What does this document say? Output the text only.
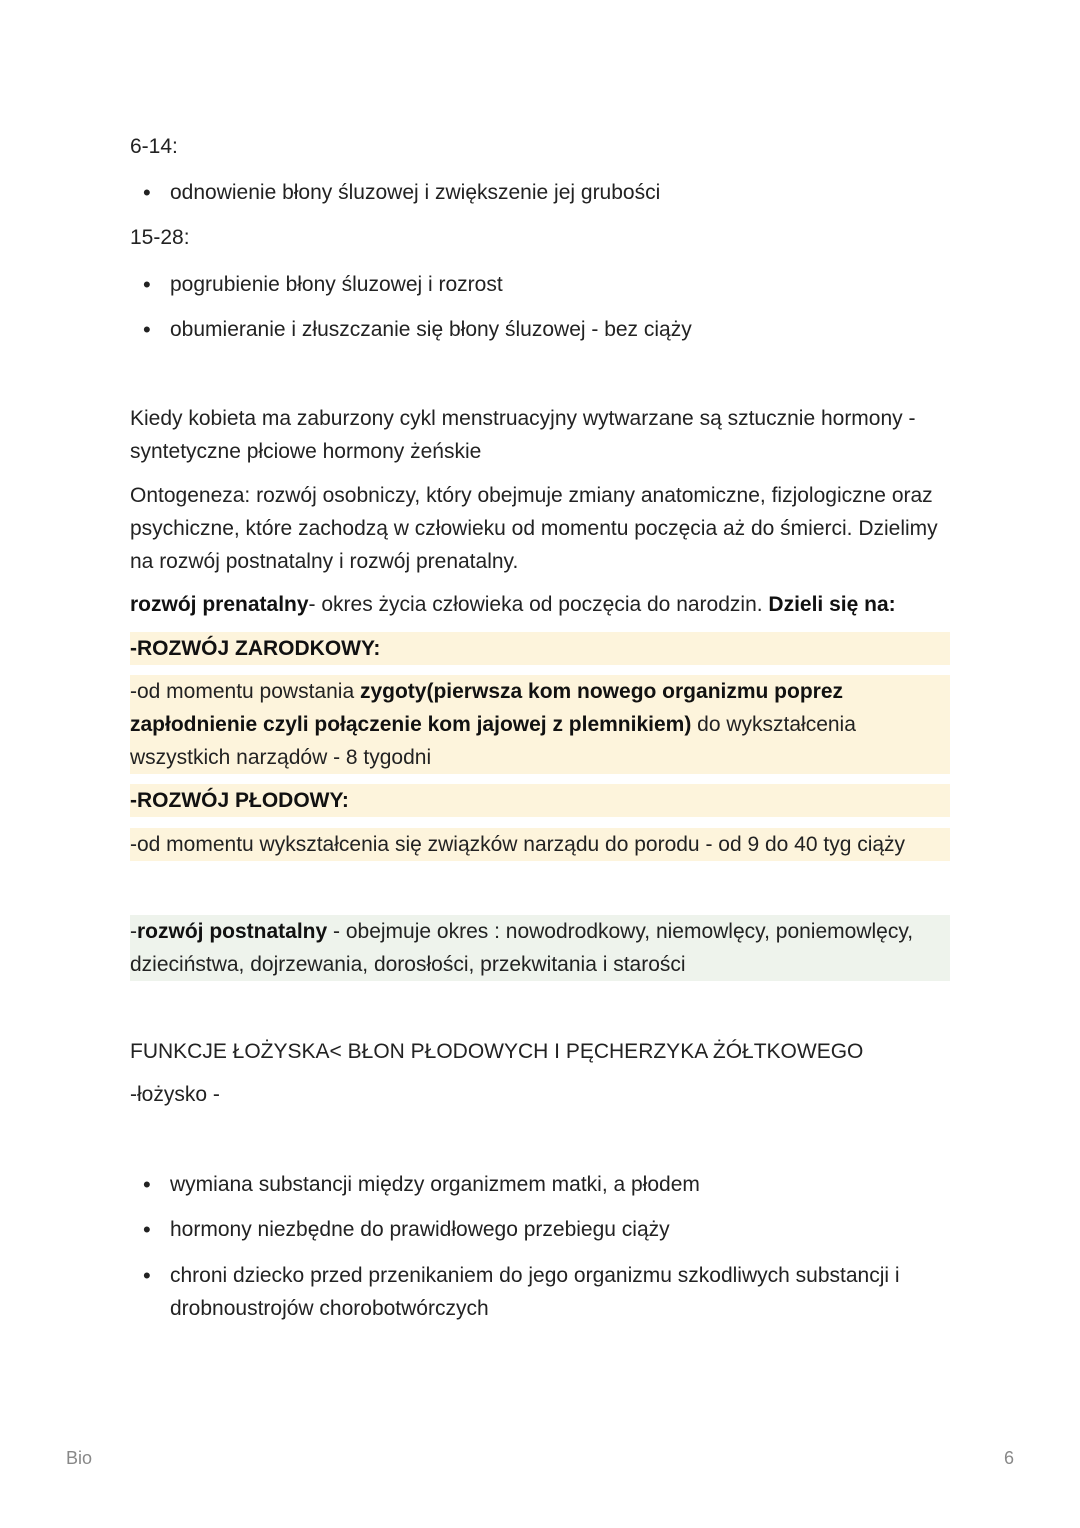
6-14:
• odnowienie błony śluzowej i zwiększenie jej grubości
15-28:
• pogrubienie błony śluzowej i rozrost
• obumieranie i złuszczanie się błony śluzowej - bez ciąży
Kiedy kobieta ma zaburzony cykl menstruacyjny wytwarzane są sztucznie hormony - syntetyczne płciowe hormony żeńskie
Ontogeneza: rozwój osobniczy, który obejmuje zmiany anatomiczne, fizjologiczne oraz psychiczne, które zachodzą w człowieku od momentu poczęcia aż do śmierci. Dzielimy na rozwój postnatalny i rozwój prenatalny.
rozwój prenatalny- okres życia człowieka od poczęcia do narodzin. Dzieli się na:
-ROZWÓJ ZARODKOWY:
-od momentu powstania zygoty(pierwsza kom nowego organizmu poprez zapłodnienie czyli połączenie kom jajowej z plemnikiem) do wykształcenia wszystkich narządów - 8 tygodni
-ROZWÓJ PŁODOWY:
-od momentu wykształcenia się związków narządu do porodu - od 9 do 40 tyg ciąży
-rozwój postnatalny - obejmuje okres : nowodrodkowy, niemowlęcy, poniemowlęcy, dzieciństwa, dojrzewania, dorosłości, przekwitania i starości
FUNKCJE ŁOŻYSKA< BŁON PŁODOWYCH I PĘCHERZYKA ŻÓŁTKOWEGO
-łożysko -
• wymiana substancji między organizmem matki, a płodem
• hormony niezbędne do prawidłowego przebiegu ciąży
• chroni dziecko przed przenikaniem do jego organizmu szkodliwych substancji i drobnoustrojów chorobotwórczych
Bio	6
